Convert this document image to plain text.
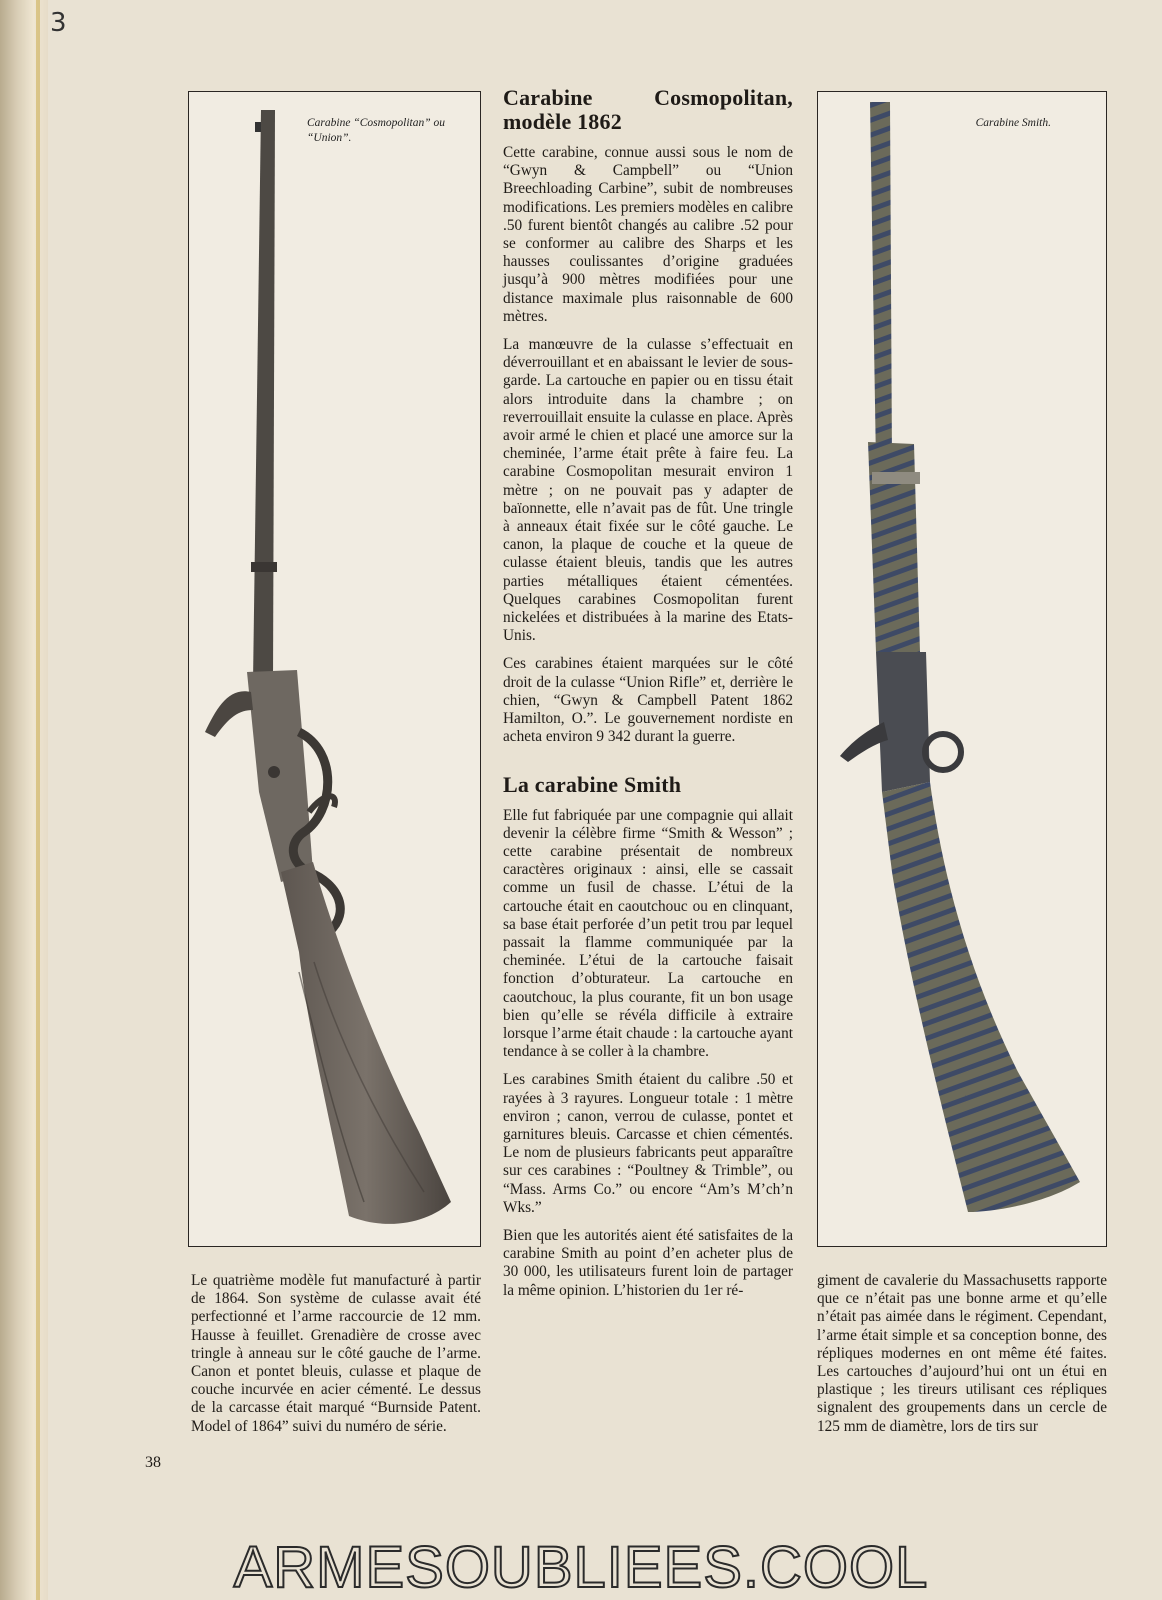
3
Carabine “Cosmopolitan” ou “Union”.
Carabine Smith.
Carabine Cosmopolitan, modèle 1862

Cette carabine, connue aussi sous le nom de “Gwyn & Campbell” ou “Union Breechloading Carbine”, subit de nombreuses modifications. Les premiers modèles en calibre .50 furent bientôt changés au calibre .52 pour se conformer au calibre des Sharps et les hausses coulissantes d’origine graduées jusqu’à 900 mètres modifiées pour une distance maximale plus raisonnable de 600 mètres.

La manœuvre de la culasse s’effectuait en déverrouillant et en abaissant le levier de sous-garde. La cartouche en papier ou en tissu était alors introduite dans la chambre ; on reverrouillait ensuite la culasse en place. Après avoir armé le chien et placé une amorce sur la cheminée, l’arme était prête à faire feu. La carabine Cosmopolitan mesurait environ 1 mètre ; on ne pouvait pas y adapter de baïonnette, elle n’avait pas de fût. Une tringle à anneaux était fixée sur le côté gauche. Le canon, la plaque de couche et la queue de culasse étaient bleuis, tandis que les autres parties métalliques étaient cémentées. Quelques carabines Cosmopolitan furent nickelées et distribuées à la marine des Etats-Unis.

Ces carabines étaient marquées sur le côté droit de la culasse “Union Rifle” et, derrière le chien, “Gwyn & Campbell Patent 1862 Hamilton, O.”. Le gouvernement nordiste en acheta environ 9 342 durant la guerre.

La carabine Smith

Elle fut fabriquée par une compagnie qui allait devenir la célèbre firme “Smith & Wesson” ; cette carabine présentait de nombreux caractères originaux : ainsi, elle se cassait comme un fusil de chasse. L’étui de la cartouche était en caoutchouc ou en clinquant, sa base était perforée d’un petit trou par lequel passait la flamme communiquée par la cheminée. L’étui de la cartouche faisait fonction d’obturateur. La cartouche en caoutchouc, la plus courante, fit un bon usage bien qu’elle se révéla difficile à extraire lorsque l’arme était chaude : la cartouche ayant tendance à se coller à la chambre.

Les carabines Smith étaient du calibre .50 et rayées à 3 rayures. Longueur totale : 1 mètre environ ; canon, verrou de culasse, pontet et garnitures bleuis. Carcasse et chien cémentés. Le nom de plusieurs fabricants peut apparaître sur ces carabines : “Poultney & Trimble”, ou “Mass. Arms Co.” ou encore “Am’s M’ch’n Wks.”

Bien que les autorités aient été satisfaites de la carabine Smith au point d’en acheter plus de 30 000, les utilisateurs furent loin de partager la même opinion. L’historien du 1er ré-

Le quatrième modèle fut manufacturé à partir de 1864. Son système de culasse avait été perfectionné et l’arme raccourcie de 12 mm. Hausse à feuillet. Grenadière de crosse avec tringle à anneau sur le côté gauche de l’arme. Canon et pontet bleuis, culasse et plaque de couche incurvée en acier cémenté. Le dessus de la carcasse était marqué “Burnside Patent. Model of 1864” suivi du numéro de série.

giment de cavalerie du Massachusetts rapporte que ce n’était pas une bonne arme et qu’elle n’était pas aimée dans le régiment. Cependant, l’arme était simple et sa conception bonne, des répliques modernes en ont même été faites. Les cartouches d’aujourd’hui ont un étui en plastique ; les tireurs utilisant ces répliques signalent des groupements dans un cercle de 125 mm de diamètre, lors de tirs sur

38
ARMESOUBLIEES.COOL
